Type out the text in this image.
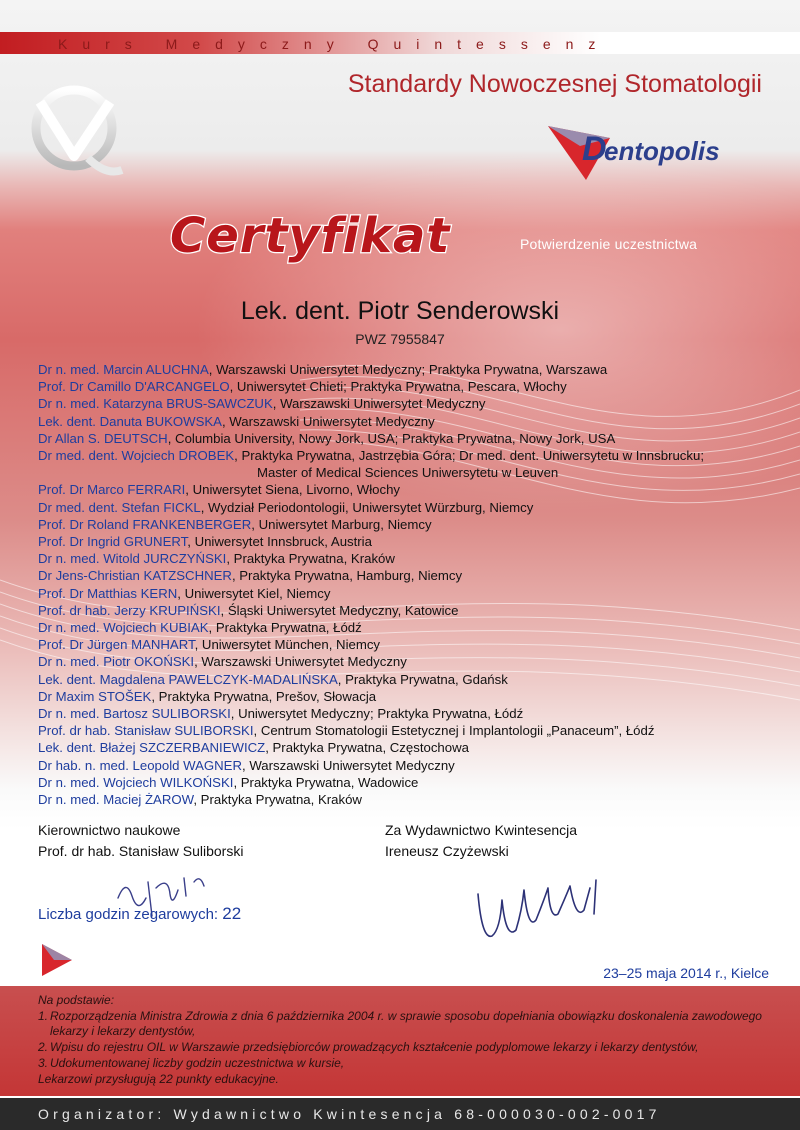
Kurs Medyczny Quintessenz
Standardy Nowoczesnej Stomatologii
D
entopolis
Certyfikat	Potwierdzenie uczestnictwa
Lek. dent. Piotr Senderowski
PWZ 7955847
Dr n. med. Marcin ALUCHNA, Warszawski Uniwersytet Medyczny; Praktyka Prywatna, Warszawa
Prof. Dr Camillo D'ARCANGELO, Uniwersytet Chieti; Praktyka Prywatna, Pescara, Włochy
Dr n. med. Katarzyna BRUS-SAWCZUK, Warszawski Uniwersytet Medyczny
Lek. dent. Danuta BUKOWSKA, Warszawski Uniwersytet Medyczny
Dr Allan S. DEUTSCH, Columbia University, Nowy Jork, USA; Praktyka Prywatna, Nowy Jork, USA
Dr med. dent. Wojciech DROBEK, Praktyka Prywatna, Jastrzębia Góra; Dr med. dent. Uniwersytetu w Innsbrucku;
Master of Medical Sciences Uniwersytetu w Leuven
Prof. Dr Marco FERRARI, Uniwersytet Siena, Livorno, Włochy
Dr med. dent. Stefan FICKL, Wydział Periodontologii, Uniwersytet Würzburg, Niemcy
Prof. Dr Roland FRANKENBERGER, Uniwersytet Marburg, Niemcy
Prof. Dr Ingrid GRUNERT, Uniwersytet Innsbruck, Austria
Dr n. med. Witold JURCZYŃSKI, Praktyka Prywatna, Kraków
Dr Jens-Christian KATZSCHNER, Praktyka Prywatna, Hamburg, Niemcy
Prof. Dr Matthias KERN, Uniwersytet Kiel, Niemcy
Prof. dr hab. Jerzy KRUPIŃSKI, Śląski Uniwersytet Medyczny, Katowice
Dr n. med. Wojciech KUBIAK, Praktyka Prywatna, Łódź
Prof. Dr Jürgen MANHART, Uniwersytet München, Niemcy
Dr n. med. Piotr OKOŃSKI, Warszawski Uniwersytet Medyczny
Lek. dent. Magdalena PAWELCZYK-MADALIŃSKA, Praktyka Prywatna, Gdańsk
Dr Maxim STOŠEK, Praktyka Prywatna, Prešov, Słowacja
Dr n. med. Bartosz SULIBORSKI, Uniwersytet Medyczny; Praktyka Prywatna, Łódź
Prof. dr hab. Stanisław SULIBORSKI, Centrum Stomatologii Estetycznej i Implantologii „Panaceum”, Łódź
Lek. dent. Błażej SZCZERBANIEWICZ, Praktyka Prywatna, Częstochowa
Dr hab. n. med. Leopold WAGNER, Warszawski Uniwersytet Medyczny
Dr n. med. Wojciech WILKOŃSKI, Praktyka Prywatna, Wadowice
Dr n. med. Maciej ŻAROW, Praktyka Prywatna, Kraków
Kierownictwo naukowe
Prof. dr hab. Stanisław Suliborski
Za Wydawnictwo Kwintesencja
Ireneusz Czyżewski
Liczba godzin zegarowych: 22
23–25 maja 2014 r., Kielce
Na podstawie:
1. Rozporządzenia Ministra Zdrowia z dnia 6 października 2004 r. w sprawie sposobu dopełniania obowiązku doskonalenia zawodowego lekarzy i lekarzy dentystów,
2. Wpisu do rejestru OIL w Warszawie przedsiębiorców prowadzących kształcenie podyplomowe lekarzy i lekarzy dentystów,
3. Udokumentowanej liczby godzin uczestnictwa w kursie,
Lekarzowi przysługują 22 punkty edukacyjne.
Organizator: Wydawnictwo Kwintesencja 68-000030-002-0017
